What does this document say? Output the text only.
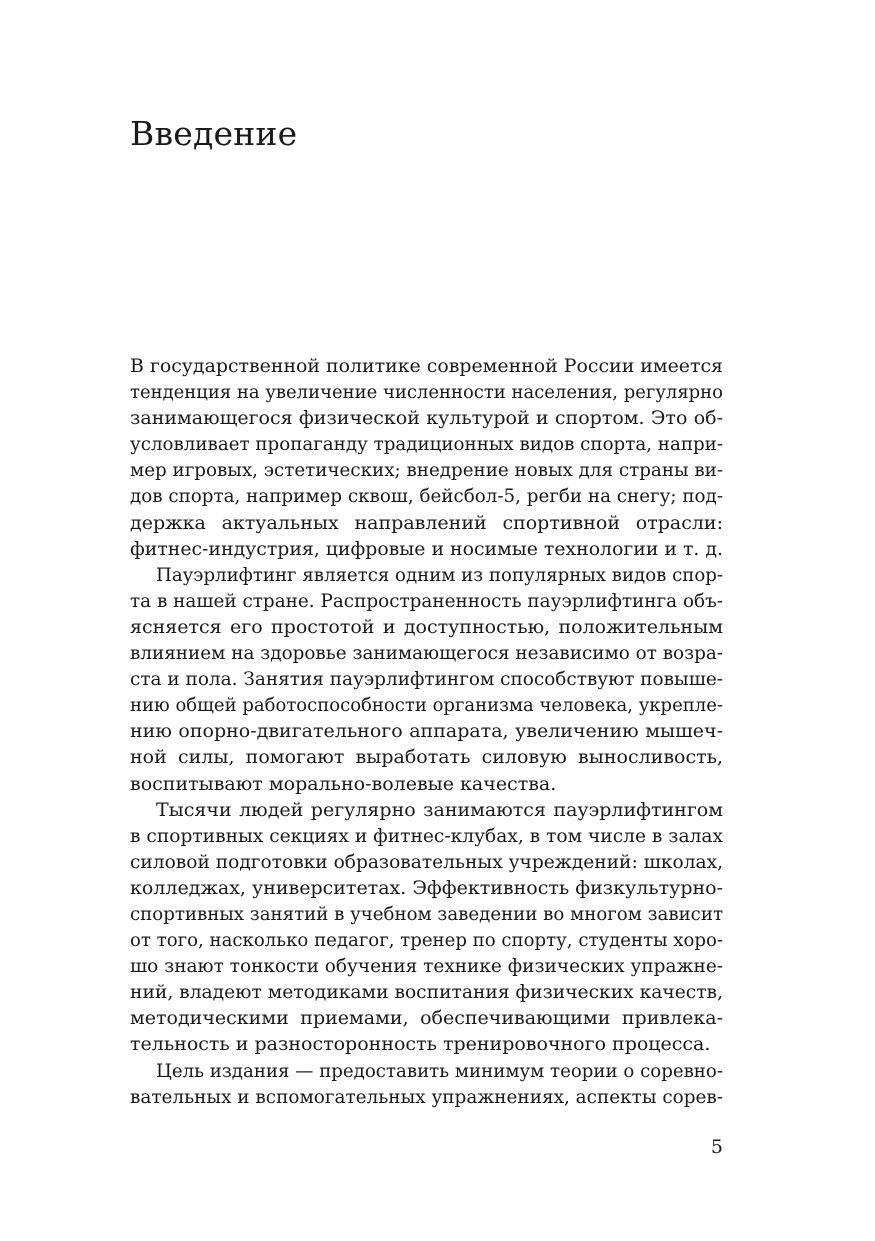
Введение
В государственной политике современной России имеется
тенденция на увеличение численности населения, регулярно
занимающегося физической культурой и спортом. Это об-
условливает пропаганду традиционных видов спорта, напри-
мер игровых, эстетических; внедрение новых для страны ви-
дов спорта, например сквош, бейсбол-5, регби на снегу; под-
держка актуальных направлений спортивной отрасли:
фитнес-индустрия, цифровые и носимые технологии и т. д.
Пауэрлифтинг является одним из популярных видов спор-
та в нашей стране. Распространенность пауэрлифтинга объ-
ясняется его простотой и доступностью, положительным
влиянием на здоровье занимающегося независимо от возра-
ста и пола. Занятия пауэрлифтингом способствуют повыше-
нию общей работоспособности организма человека, укрепле-
нию опорно-двигательного аппарата, увеличению мышеч-
ной силы, помогают выработать силовую выносливость,
воспитывают морально-волевые качества.
Тысячи людей регулярно занимаются пауэрлифтингом
в спортивных секциях и фитнес-клубах, в том числе в залах
силовой подготовки образовательных учреждений: школах,
колледжах, университетах. Эффективность физкультурно-
спортивных занятий в учебном заведении во многом зависит
от того, насколько педагог, тренер по спорту, студенты хоро-
шо знают тонкости обучения технике физических упражне-
ний, владеют методиками воспитания физических качеств,
методическими приемами, обеспечивающими привлека-
тельность и разносторонность тренировочного процесса.
Цель издания — предоставить минимум теории о соревно-
вательных и вспомогательных упражнениях, аспекты сорев-
5
